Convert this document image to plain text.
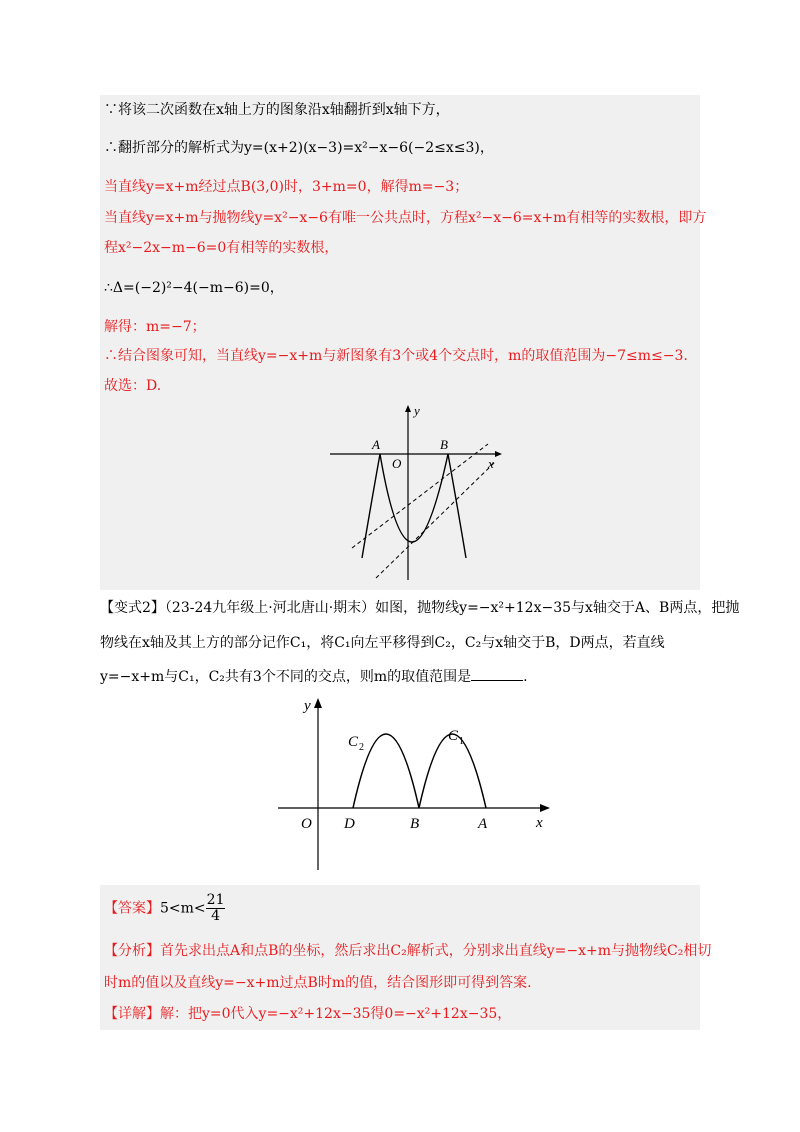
∵将该二次函数在x轴上方的图象沿x轴翻折到x轴下方，
∴翻折部分的解析式为y=(x+2)(x−3)=x²−x−6(−2≤x≤3)，
当直线y=x+m经过点B(3,0)时，3+m=0，解得m=−3；
当直线y=x+m与抛物线y=x²−x−6有唯一公共点时，方程x²−x−6=x+m有相等的实数根，即方
程x²−2x−m−6=0有相等的实数根，
∴Δ=(−2)²−4(−m−6)=0，
解得：m=−7；
∴结合图象可知，当直线y=−x+m与新图象有3个或4个交点时，m的取值范围为−7≤m≤−3.
故选：D.
A	B
O	x
y
【变式2】（23-24九年级上·河北唐山·期末）如图，抛物线y=−x²+12x−35与x轴交于A、B两点，把抛
物线在x轴及其上方的部分记作C₁，将C₁向左平移得到C₂，C₂与x轴交于B，D两点，若直线
y=−x+m与C₁，C₂共有3个不同的交点，则m的取值范围是	.
y
x
O D	B	A
C 2
C 1
【答案】$5<m< \frac{21}{4}$
【分析】首先求出点A和点B的坐标，然后求出C₂解析式，分别求出直线y=−x+m与抛物线C₂相切
时m的值以及直线y=−x+m过点B时m的值，结合图形即可得到答案.
【详解】解：把y=0代入y=−x²+12x−35得0=−x²+12x−35，
